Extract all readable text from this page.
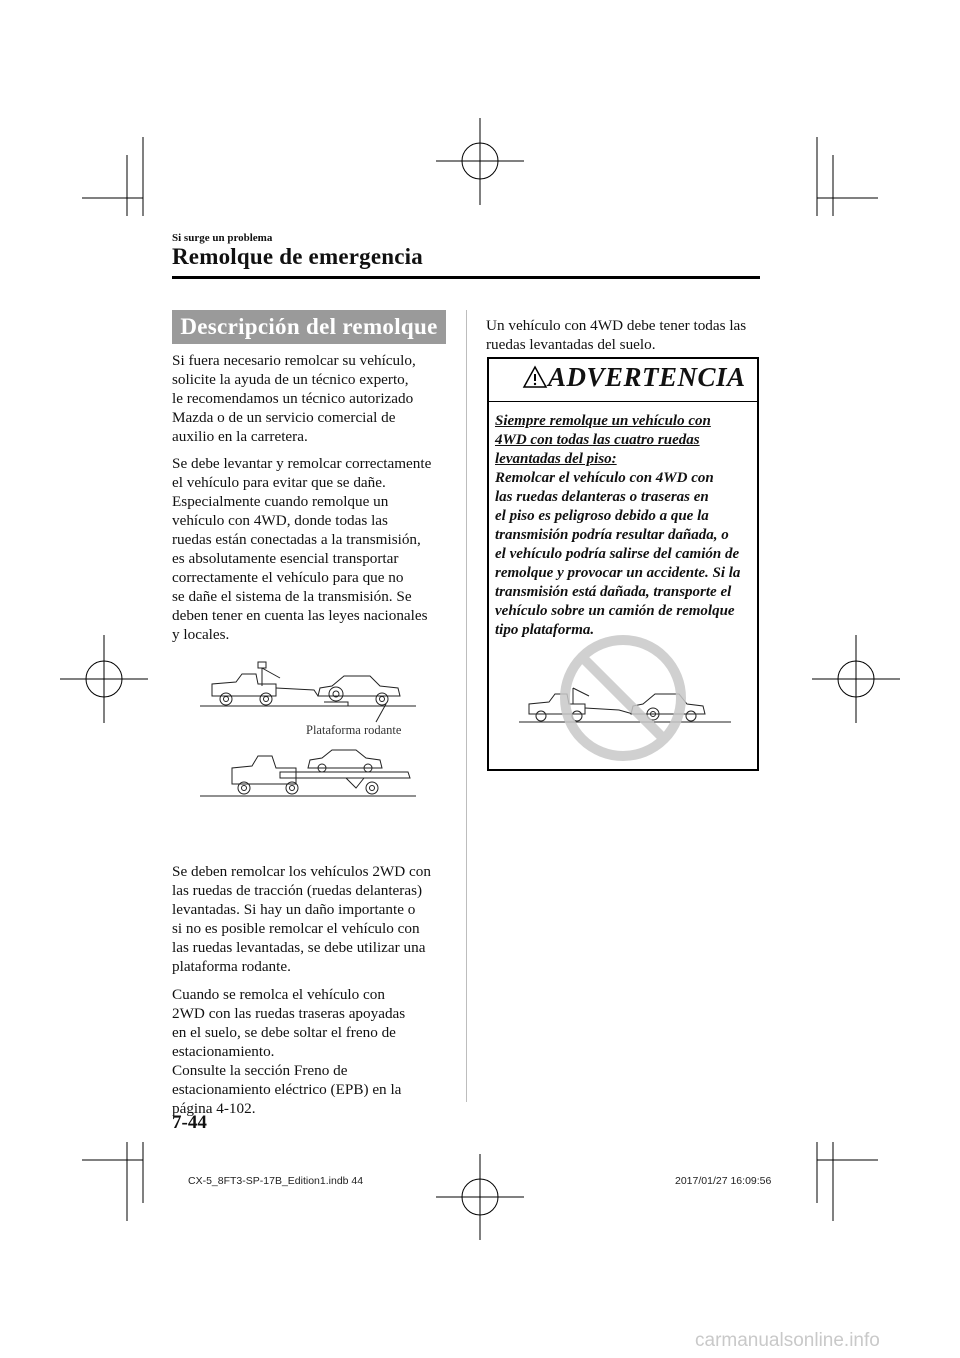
Si surge un problema
Remolque de emergencia
Descripción del remolque
Si fuera necesario remolcar su vehículo,
solicite la ayuda de un técnico experto,
le recomendamos un técnico autorizado
Mazda o de un servicio comercial de
auxilio en la carretera.
Se debe levantar y remolcar correctamente
el vehículo para evitar que se dañe.
Especialmente cuando remolque un
vehículo con 4WD, donde todas las
ruedas están conectadas a la transmisión,
es absolutamente esencial transportar
correctamente el vehículo para que no
se dañe el sistema de la transmisión. Se
deben tener en cuenta las leyes nacionales
y locales.
Plataforma rodante
Se deben remolcar los vehículos 2WD con
las ruedas de tracción (ruedas delanteras)
levantadas. Si hay un daño importante o
si no es posible remolcar el vehículo con
las ruedas levantadas, se debe utilizar una
plataforma rodante.
Cuando se remolca el vehículo con
2WD con las ruedas traseras apoyadas
en el suelo, se debe soltar el freno de
estacionamiento.
Consulte la sección Freno de
estacionamiento eléctrico (EPB) en la
página 4-102.
Un vehículo con 4WD debe tener todas las
ruedas levantadas del suelo.
ADVERTENCIA
Siempre remolque un vehículo con
4WD con todas las cuatro ruedas
levantadas del piso:
Remolcar el vehículo con 4WD con
las ruedas delanteras o traseras en
el piso es peligroso debido a que la
transmisión podría resultar dañada, o
el vehículo podría salirse del camión de
remolque y provocar un accidente. Si la
transmisión está dañada, transporte el
vehículo sobre un camión de remolque
tipo plataforma.
7-44
CX-5_8FT3-SP-17B_Edition1.indb 44	2017/01/27 16:09:56
carmanualsonline.info
